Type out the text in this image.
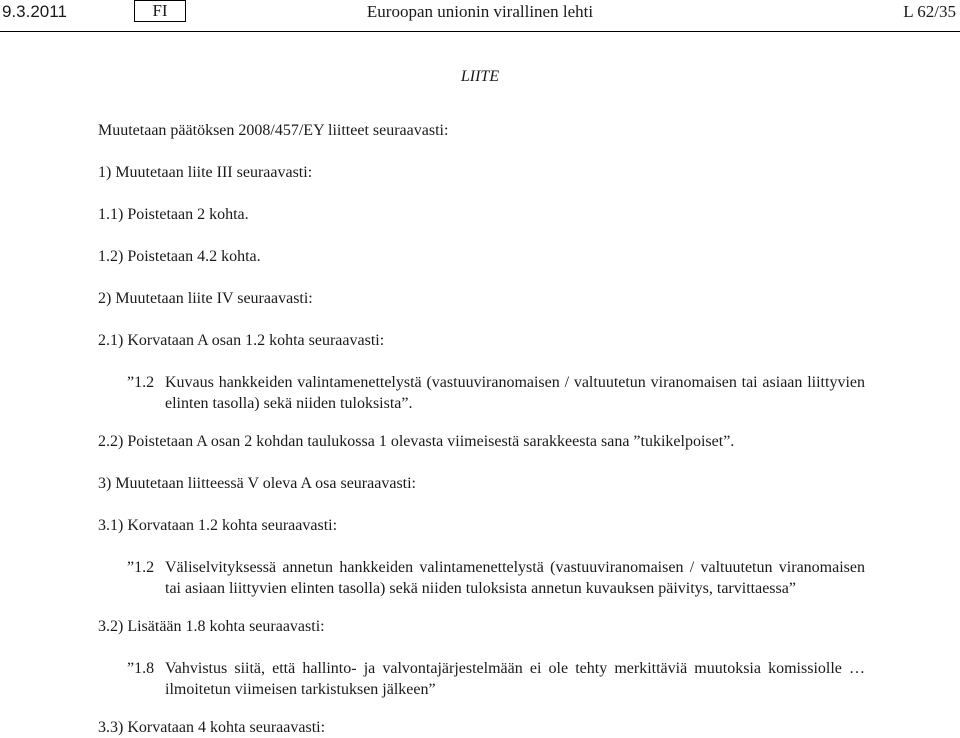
9.3.2011	FI	Euroopan unionin virallinen lehti	L 62/35
LIITE
Muutetaan päätöksen 2008/457/EY liitteet seuraavasti:
1) Muutetaan liite III seuraavasti:
1.1) Poistetaan 2 kohta.
1.2) Poistetaan 4.2 kohta.
2) Muutetaan liite IV seuraavasti:
2.1) Korvataan A osan 1.2 kohta seuraavasti:
”1.2 Kuvaus hankkeiden valintamenettelystä (vastuuviranomaisen / valtuutetun viranomaisen tai asiaan liittyvien elinten tasolla) sekä niiden tuloksista”.
2.2) Poistetaan A osan 2 kohdan taulukossa 1 olevasta viimeisestä sarakkeesta sana ”tukikelpoiset”.
3) Muutetaan liitteessä V oleva A osa seuraavasti:
3.1) Korvataan 1.2 kohta seuraavasti:
”1.2 Väliselvityksessä annetun hankkeiden valintamenettelystä (vastuuviranomaisen / valtuutetun viranomaisen tai asiaan liittyvien elinten tasolla) sekä niiden tuloksista annetun kuvauksen päivitys, tarvittaessa”
3.2) Lisätään 1.8 kohta seuraavasti:
”1.8 Vahvistus siitä, että hallinto- ja valvontajärjestelmään ei ole tehty merkittäviä muutoksia komissiolle … ilmoitetun viimeisen tarkistuksen jälkeen”
3.3) Korvataan 4 kohta seuraavasti:
